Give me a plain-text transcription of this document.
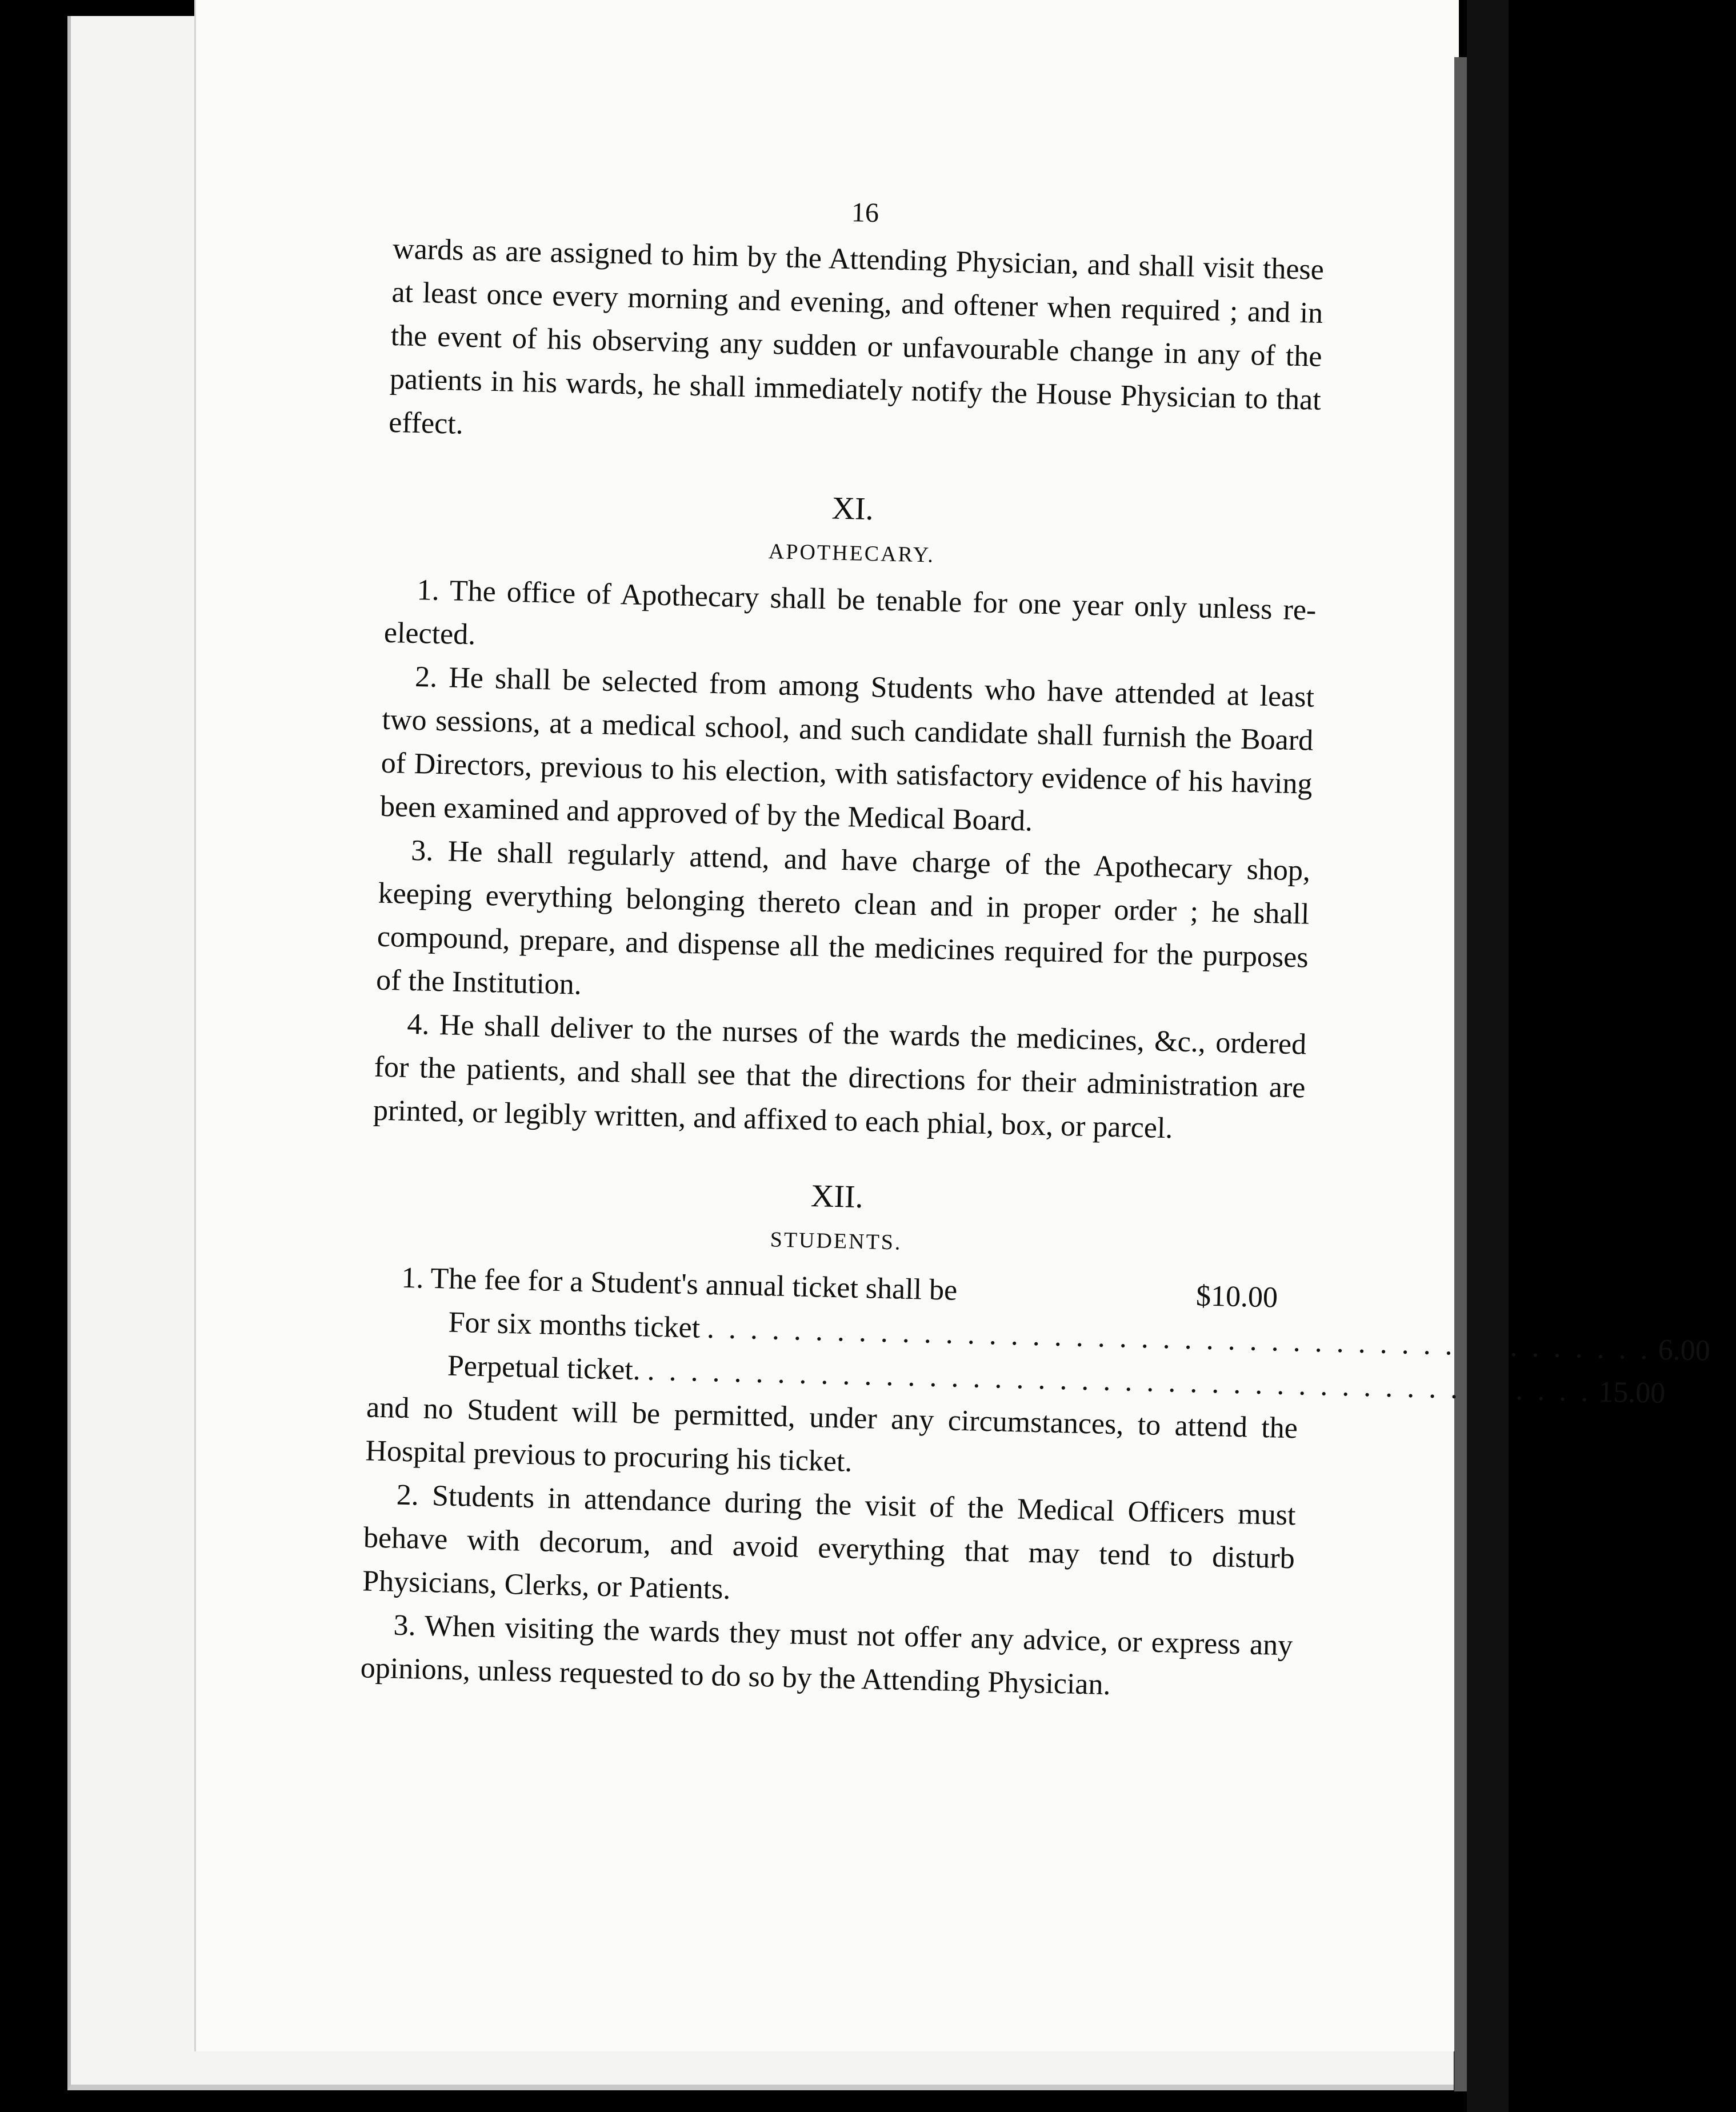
16

wards as are assigned to him by the Attending Physician, and shall visit these at least once every morning and evening, and oftener when required ; and in the event of his observing any sudden or unfavourable change in any of the patients in his wards, he shall immediately notify the House Physician to that effect.

XI.
APOTHECARY.

1. The office of Apothecary shall be tenable for one year only unless re-elected.

2. He shall be selected from among Students who have attended at least two sessions, at a medical school, and such candidate shall furnish the Board of Directors, previous to his election, with satisfactory evidence of his having been examined and approved of by the Medical Board.

3. He shall regularly attend, and have charge of the Apothecary shop, keeping everything belonging thereto clean and in proper order ; he shall compound, prepare, and dispense all the medicines required for the purposes of the Institution.

4. He shall deliver to the nurses of the wards the medicines, &c., ordered for the patients, and shall see that the directions for their administration are printed, or legibly written, and affixed to each phial, box, or parcel.

XII.
STUDENTS.
1. The fee for a Student's annual ticket shall be	$10.00
For six months ticket . . . . . . . . . . . . . . . . . . . . . . . . . . . . . . . . . . . . . . . . . . . . 6.00
Perpetual ticket. . . . . . . . . . . . . . . . . . . . . . . . . . . . . . . . . . . . . . . . . . . . . 15.00

and no Student will be permitted, under any circumstances, to attend the Hospital previous to procuring his ticket.

2. Students in attendance during the visit of the Medical Officers must behave with decorum, and avoid everything that may tend to disturb Physicians, Clerks, or Patients.

3. When visiting the wards they must not offer any advice, or express any opinions, unless requested to do so by the Attending Physician.
